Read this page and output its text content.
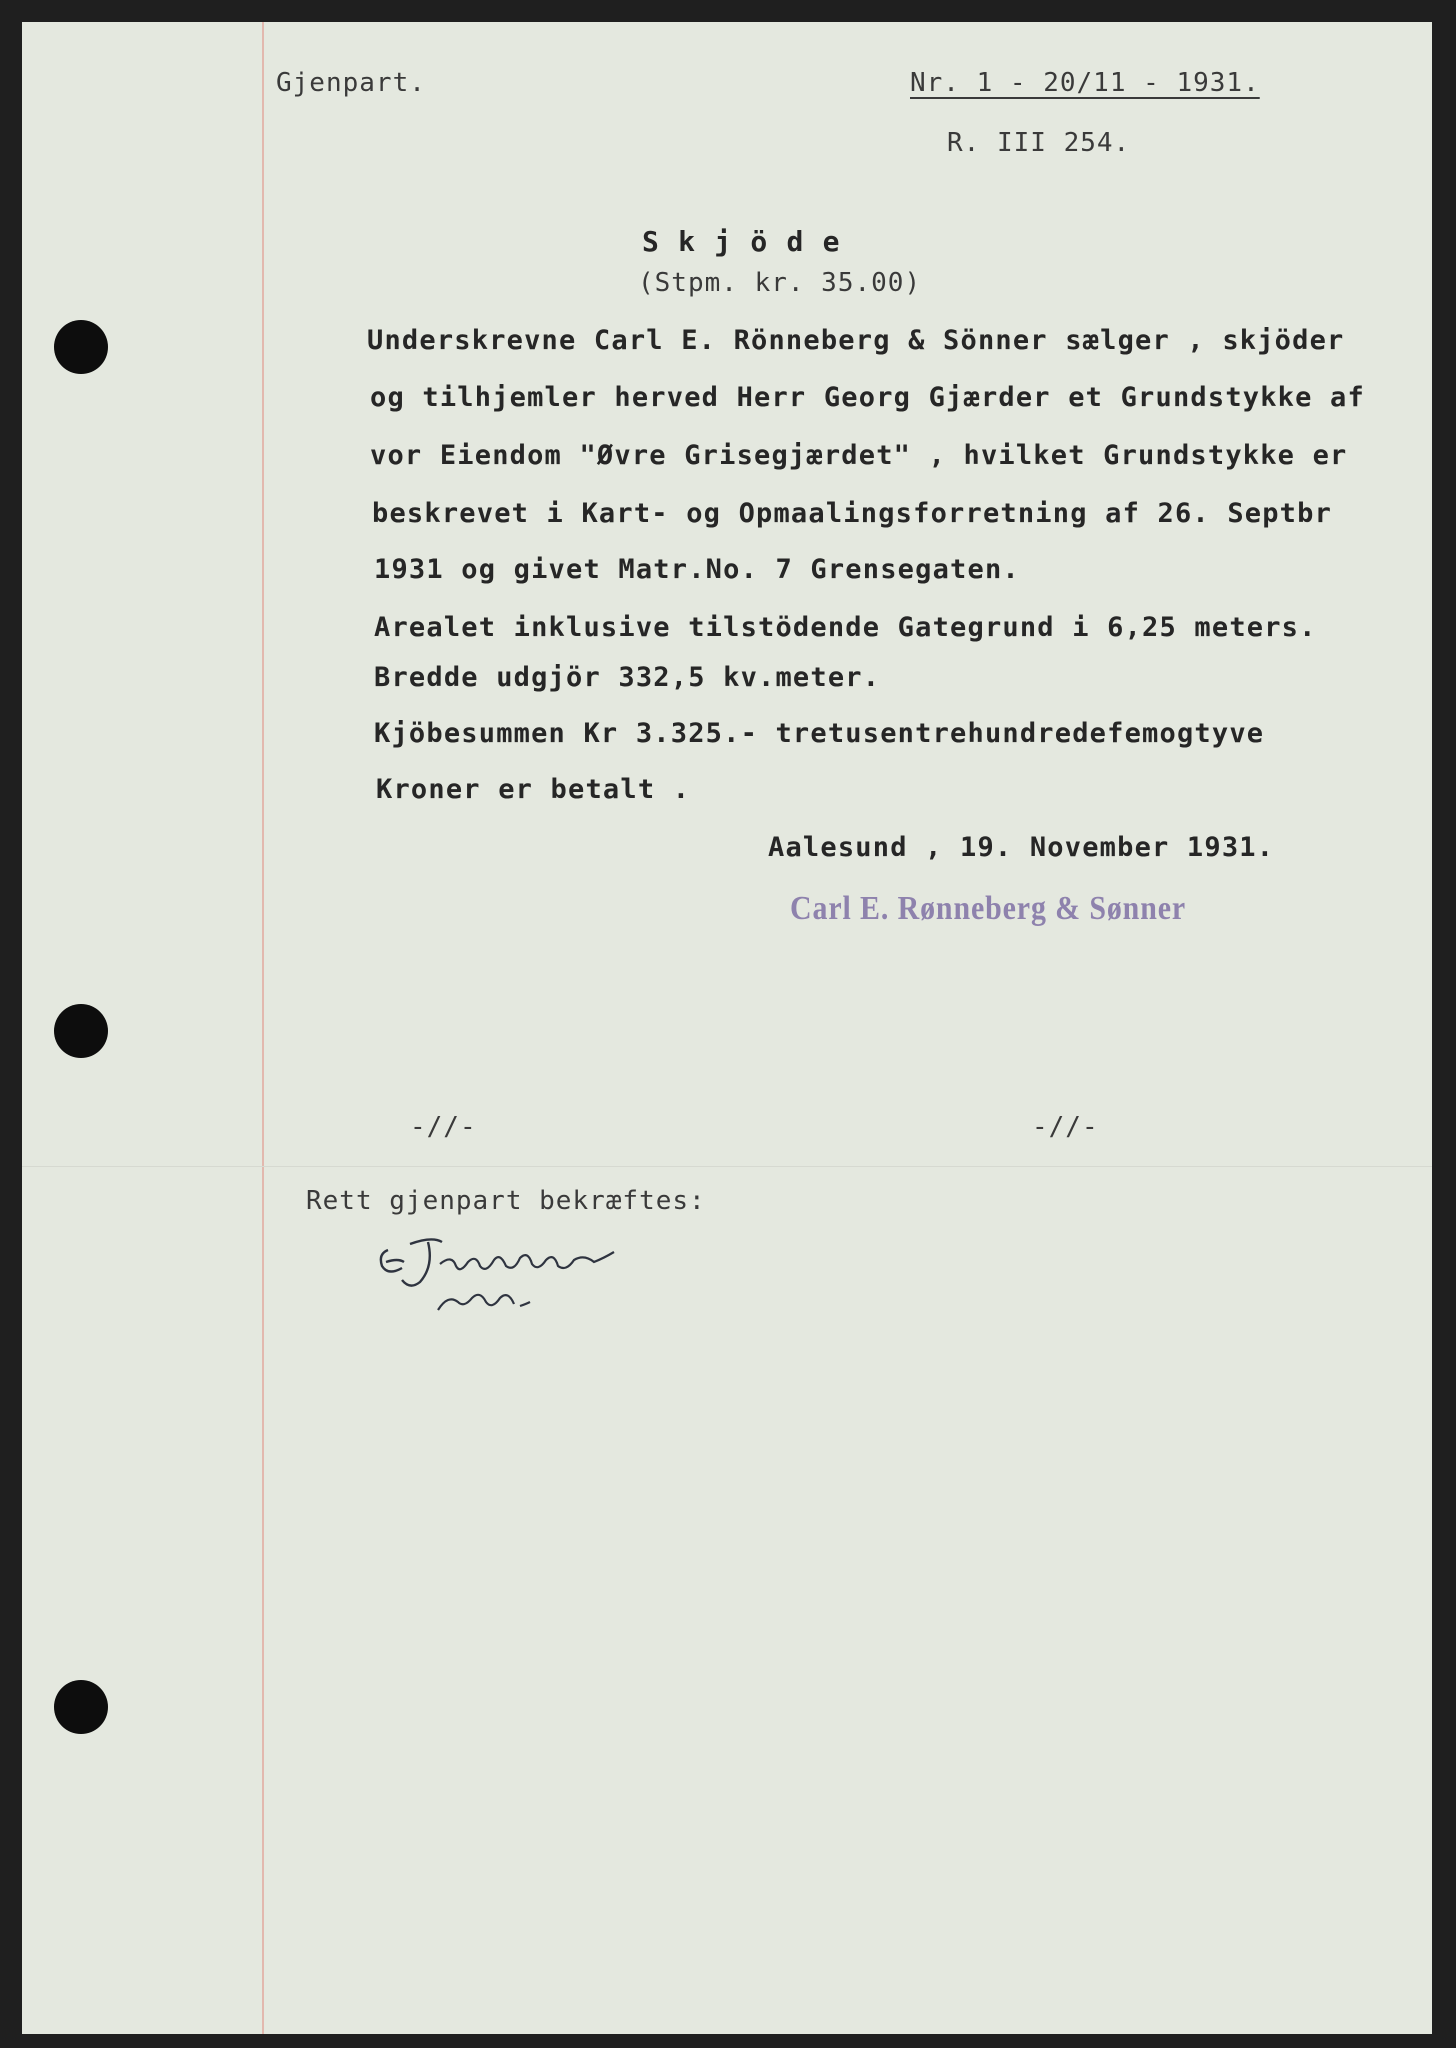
Gjenpart.	Nr. 1 - 20/11 - 1931.
R. III 254.
S k j ö d e
(Stpm. kr. 35.00)
Underskrevne Carl E. Rönneberg & Sönner sælger , skjöder
og tilhjemler herved Herr Georg Gjærder et Grundstykke af
vor Eiendom "Øvre Grisegjærdet" , hvilket Grundstykke er
beskrevet i Kart- og Opmaalingsforretning af 26. Septbr
1931 og givet Matr.No. 7 Grensegaten.
Arealet inklusive tilstödende Gategrund i 6,25 meters.
Bredde udgjör 332,5 kv.meter.
Kjöbesummen Kr 3.325.- tretusentrehundredefemogtyve
Kroner er betalt .
Aalesund , 19. November 1931.
Carl E. Rønneberg & Sønner
-//-	-//-
Rett gjenpart bekræftes:
